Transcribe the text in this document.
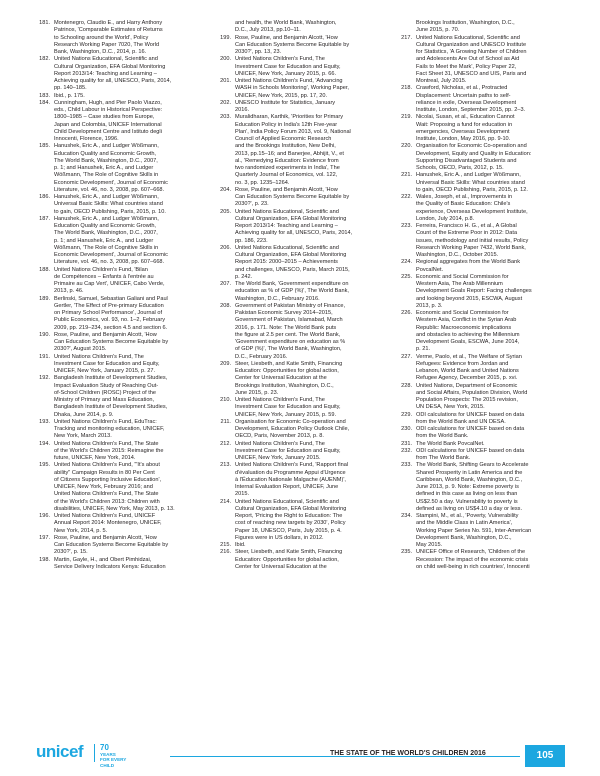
181. Montenegro, Claudio E., and Harry Anthony
Patrinos, 'Comparable Estimates of Returns
to Schooling around the World', Policy
Research Working Paper 7020, The World
Bank, Washington, D.C., 2014, p. 16.
182. United Nations Educational, Scientific and
Cultural Organization, EFA Global Monitoring
Report 2013/14: Teaching and Learning –
Achieving quality for all, UNESCO, Paris, 2014,
pp. 140–185.
183. Ibid., p. 175.
184. Cunningham, Hugh, and Pier Paolo Viazzo,
eds., Child Labour in Historical Perspective:
1800–1985 – Case studies from Europe,
Japan and Colombia, UNICEF International
Child Development Centre and Istituto degli
Innocenti, Florence, 1996.
185. Hanushek, Eric A., and Ludger Wößmann,
Education Quality and Economic Growth,
The World Bank, Washington, D.C., 2007,
p. 1; and Hanushek, Eric A., and Ludger
Wößmann, 'The Role of Cognitive Skills in
Economic Development', Journal of Economic
Literature, vol. 46, no. 3, 2008, pp. 607–668.
186. Hanushek, Eric A., and Ludger Wößmann,
Universal Basic Skills: What countries stand
to gain, OECD Publishing, Paris, 2015, p. 10.
187. Hanushek, Eric A., and Ludger Wößmann,
Education Quality and Economic Growth,
The World Bank, Washington, D.C., 2007,
p. 1; and Hanushek, Eric A., and Ludger
Wößmann, 'The Role of Cognitive Skills in
Economic Development', Journal of Economic
Literature, vol. 46, no. 3, 2008, pp. 607–668.
188. United Nations Children's Fund, 'Bilan
de Compétences – Enfants à l'entrée au
Primaire au Cap Vert', UNICEF, Cabo Verde,
2013, p. 46.
189. Berlinski, Samuel, Sebastian Galiani and Paul
Gertler, 'The Effect of Pre-primary Education
on Primary School Performance', Journal of
Public Economics, vol. 93, no. 1–2, February
2009, pp. 219–234, section 4.5 and section 6.
190. Rose, Pauline, and Benjamin Alcott, 'How
Can Education Systems Become Equitable by
2030?', August 2015.
191. United Nations Children's Fund, The
Investment Case for Education and Equity,
UNICEF, New York, January 2015, p. 27.
192. Bangladesh Institute of Development Studies,
Impact Evaluation Study of Reaching Out-
of-School Children (ROSC) Project of the
Ministry of Primary and Mass Education,
Bangladesh Institute of Development Studies,
Dhaka, June 2014, p. 9.
193. United Nations Children's Fund, EduTrac:
Tracking and monitoring education, UNICEF,
New York, March 2013.
194. United Nations Children's Fund, The State
of the World's Children 2015: Reimagine the
future, UNICEF, New York, 2014.
195. United Nations Children's Fund, '"It's about
ability" Campaign Results in 80 Per Cent
of Citizens Supporting Inclusive Education',
UNICEF, New York, February 2016; and
United Nations Children's Fund, The State
of the World's Children 2013: Children with
disabilities, UNICEF, New York, May 2013, p. 13.
196. United Nations Children's Fund, UNICEF
Annual Report 2014: Montenegro, UNICEF,
New York, 2014, p. 5.
197. Rose, Pauline, and Benjamin Alcott, 'How
Can Education Systems Become Equitable by
2030?', p. 15.
198. Martin, Gayle, H., and Obert Pimhidzai,
Service Delivery Indicators Kenya: Education
and health, the World Bank, Washington,
D.C., July 2013, pp.10–11.
199. Rose, Pauline, and Benjamin Alcott, 'How
Can Education Systems Become Equitable by
2030?', pp. 13, 23.
200. United Nations Children's Fund, The
Investment Case for Education and Equity,
UNICEF, New York, January 2015, p. 66.
201. United Nations Children's Fund, 'Advancing
WASH in Schools Monitoring', Working Paper,
UNICEF, New York, 2015, pp. 17, 20.
202. UNESCO Institute for Statistics, January
2016.
203. Muralidharan, Karthik, 'Priorities for Primary
Education Policy in India's 12th Five-year
Plan', India Policy Forum 2013, vol. 9, National
Council of Applied Economic Research
and the Brookings Institution, New Delhi,
2013, pp.15–16; and Banerjee, Abhijit, V., et
al., 'Remedying Education: Evidence from
two randomized experiments in India', The
Quarterly Journal of Economics, vol. 122,
no. 3, pp. 1235–1264.
204. Rose, Pauline, and Benjamin Alcott, 'How
Can Education Systems Become Equitable by
2030?', p. 23.
205. United Nations Educational, Scientific and
Cultural Organization, EFA Global Monitoring
Report 2013/14: Teaching and Learning –
Achieving quality for all, UNESCO, Paris, 2014,
pp. 186, 223.
206. United Nations Educational, Scientific and
Cultural Organization, EFA Global Monitoring
Report 2015: 2000–2015 – Achievements
and challenges, UNESCO, Paris, March 2015,
p. 242.
207. The World Bank, 'Government expenditure on
education as % of GDP (%)', The World Bank,
Washington, D.C., February 2016.
208. Government of Pakistan Ministry of Finance,
Pakistan Economic Survey 2014–2015,
Government of Pakistan, Islamabad, March
2016, p. 171. Note: The World Bank puts
the figure at 2.5 per cent. The World Bank,
'Government expenditure on education as %
of GDP (%)', The World Bank, Washington,
D.C., February 2016.
209. Steer, Liesbeth, and Katie Smith, Financing
Education: Opportunities for global action,
Center for Universal Education at the
Brookings Institution, Washington, D.C.,
June 2015, p. 23.
210. United Nations Children's Fund, The
Investment Case for Education and Equity,
UNICEF, New York, January 2015, p. 59.
211. Organisation for Economic Co-operation and
Development, Education Policy Outlook Chile,
OECD, Paris, November 2013, p. 8.
212. United Nations Children's Fund, The
Investment Case for Education and Equity,
UNICEF, New York, January 2015.
213. United Nations Children's Fund, 'Rapport final
d'évaluation du Programme Appui d'Urgence
à l'Éducation Nationale Malgache (AUENM)',
Internal Evaluation Report, UNICEF, June
2015.
214. United Nations Educational, Scientific and
Cultural Organization, EFA Global Monitoring
Report, 'Pricing the Right to Education: The
cost of reaching new targets by 2030', Policy
Paper 18, UNESCO, Paris, July 2015, p. 4.
Figures were in US dollars, in 2012.
215. Ibid.
216. Steer, Liesbeth, and Katie Smith, Financing
Education: Opportunities for global action,
Center for Universal Education at the
Brookings Institution, Washington, D.C.,
June 2015, p. 70.
217. United Nations Educational, Scientific and
Cultural Organization and UNESCO Institute
for Statistics, 'A Growing Number of Children
and Adolescents Are Out of School as Aid
Fails to Meet the Mark', Policy Paper 22,
Fact Sheet 31, UNESCO and UIS, Paris and
Montreal, July 2015.
218. Crawford, Nicholas, et al., Protracted
Displacement: Uncertain paths to self-
reliance in exile, Overseas Development
Institute, London, September 2015, pp. 2–3.
219. Nicolai, Susan, et al., Education Cannot
Wait: Proposing a fund for education in
emergencies, Overseas Development
Institute, London, May 2016, pp. 9-10.
220. Organisation for Economic Co-operation and
Development, Equity and Quality in Education:
Supporting Disadvantaged Students and
Schools, OECD, Paris, 2012, p. 15.
221. Hanushek, Eric A., and Ludger Wößmann,
Universal Basic Skills: What countries stand
to gain, OECD Publishing, Paris, 2015, p. 12.
222. Wales, Joseph, et al., Improvements in
the Quality of Basic Education: Chile's
experience, Overseas Development Institute,
London, July 2014, p.8.
223. Ferreira, Francisco H. G., et al., A Global
Count of the Extreme Poor in 2012: Data
issues, methodology and initial results, Policy
Research Working Paper 7432, World Bank,
Washington, D.C., October 2015.
224. Regional aggregates from the World Bank
PovcalNet.
225. Economic and Social Commission for
Western Asia, The Arab Millennium
Development Goals Report: Facing challenges
and looking beyond 2015, ESCWA, August
2013, p. 3.
226. Economic and Social Commission for
Western Asia, Conflict in the Syrian Arab
Republic: Macroeconomic implications
and obstacles to achieving the Millennium
Development Goals, ESCWA, June 2014,
p. 21.
227. Verme, Paolo, et al., The Welfare of Syrian
Refugees: Evidence from Jordan and
Lebanon, World Bank and United Nations
Refugee Agency, December 2015, p. xvi.
228. United Nations, Department of Economic
and Social Affairs, Population Division, World
Population Prospects: The 2015 revision,
UN DESA, New York, 2015.
229. ODI calculations for UNICEF based on data
from the World Bank and UN DESA.
230. ODI calculations for UNICEF based on data
from the World Bank.
231. The World Bank PovcalNet.
232. ODI calculations for UNICEF based on data
from The World Bank.
233. The World Bank, Shifting Gears to Accelerate
Shared Prosperity in Latin America and the
Caribbean, World Bank, Washington, D.C.,
June 2013, p. 9. Note: Extreme poverty is
defined in this case as living on less than
US$2.50 a day. Vulnerability to poverty is
defined as living on US$4.10 a day or less.
234. Stampini, M., et al., 'Poverty, Vulnerability
and the Middle Class in Latin America',
Working Paper Series No. 591, Inter-American
Development Bank, Washington, D.C.,
May 2015.
235. UNICEF Office of Research, 'Children of the
Recession: The impact of the economic crisis
on child well-being in rich countries', Innocenti
unicef 70
YEARS
FOR EVERY
CHILD
THE STATE OF THE WORLD'S CHILDREN 2016	105
